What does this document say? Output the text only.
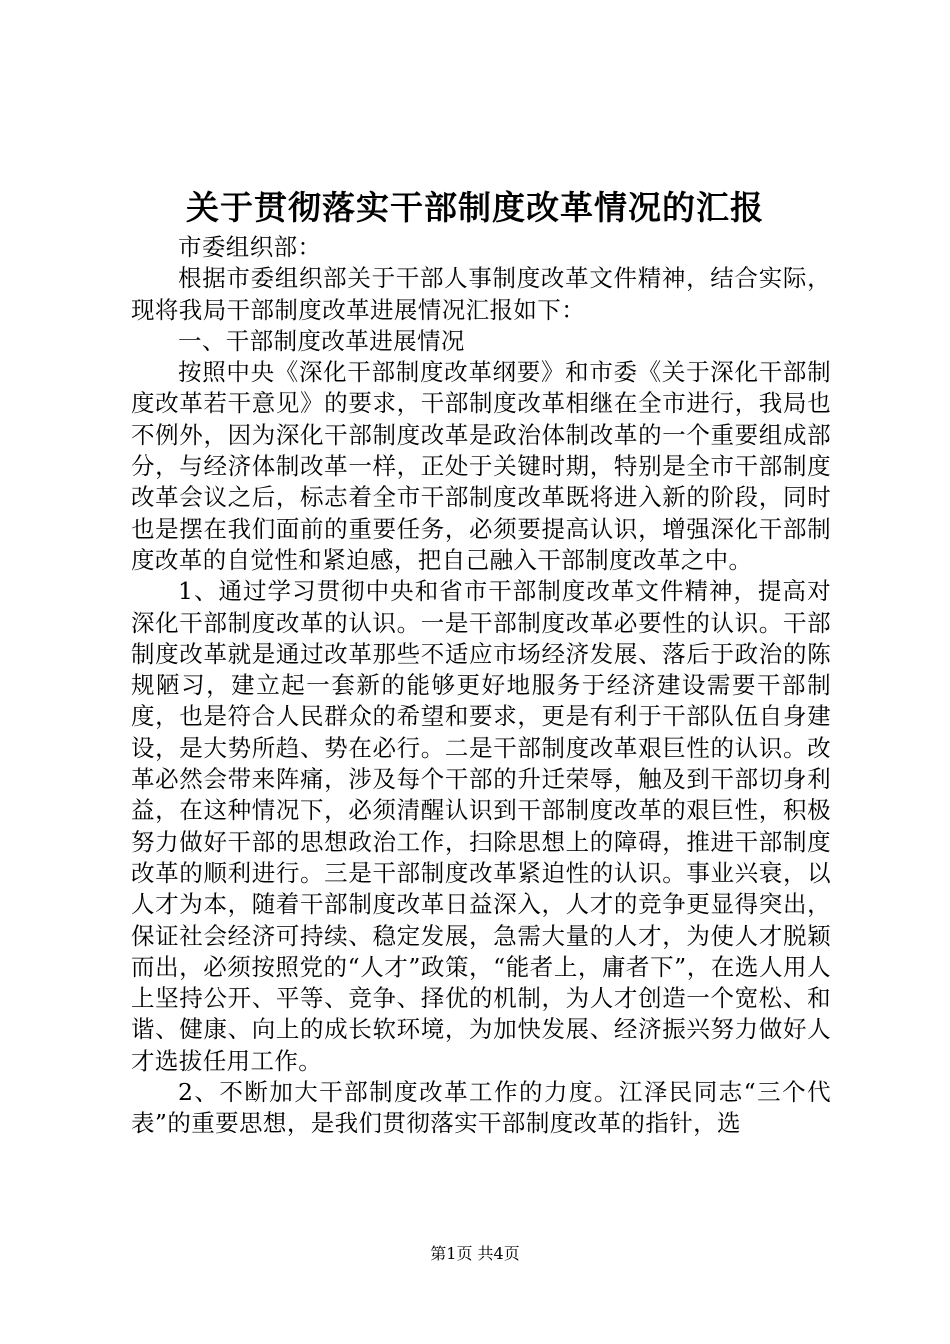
关于贯彻落实干部制度改革情况的汇报

市委组织部：

根据市委组织部关于干部人事制度改革文件精神，结合实际，现将我局干部制度改革进展情况汇报如下：

一、干部制度改革进展情况

按照中央《深化干部制度改革纲要》和市委《关于深化干部制度改革若干意见》的要求，干部制度改革相继在全市进行，我局也不例外，因为深化干部制度改革是政治体制改革的一个重要组成部分，与经济体制改革一样，正处于关键时期，特别是全市干部制度改革会议之后，标志着全市干部制度改革既将进入新的阶段，同时也是摆在我们面前的重要任务，必须要提高认识，增强深化干部制度改革的自觉性和紧迫感，把自己融入干部制度改革之中。

1、通过学习贯彻中央和省市干部制度改革文件精神，提高对深化干部制度改革的认识。一是干部制度改革必要性的认识。干部制度改革就是通过改革那些不适应市场经济发展、落后于政治的陈规陋习，建立起一套新的能够更好地服务于经济建设需要干部制度，也是符合人民群众的希望和要求，更是有利于干部队伍自身建设，是大势所趋、势在必行。二是干部制度改革艰巨性的认识。改革必然会带来阵痛，涉及每个干部的升迁荣辱，触及到干部切身利益，在这种情况下，必须清醒认识到干部制度改革的艰巨性，积极努力做好干部的思想政治工作，扫除思想上的障碍，推进干部制度改革的顺利进行。三是干部制度改革紧迫性的认识。事业兴衰，以人才为本，随着干部制度改革日益深入，人才的竞争更显得突出，保证社会经济可持续、稳定发展，急需大量的人才，为使人才脱颖而出，必须按照党的“人才”政策，“能者上，庸者下”，在选人用人上坚持公开、平等、竞争、择优的机制，为人才创造一个宽松、和谐、健康、向上的成长软环境，为加快发展、经济振兴努力做好人才选拔任用工作。

2、不断加大干部制度改革工作的力度。江泽民同志“三个代表”的重要思想，是我们贯彻落实干部制度改革的指针，选

第1页 共4页
